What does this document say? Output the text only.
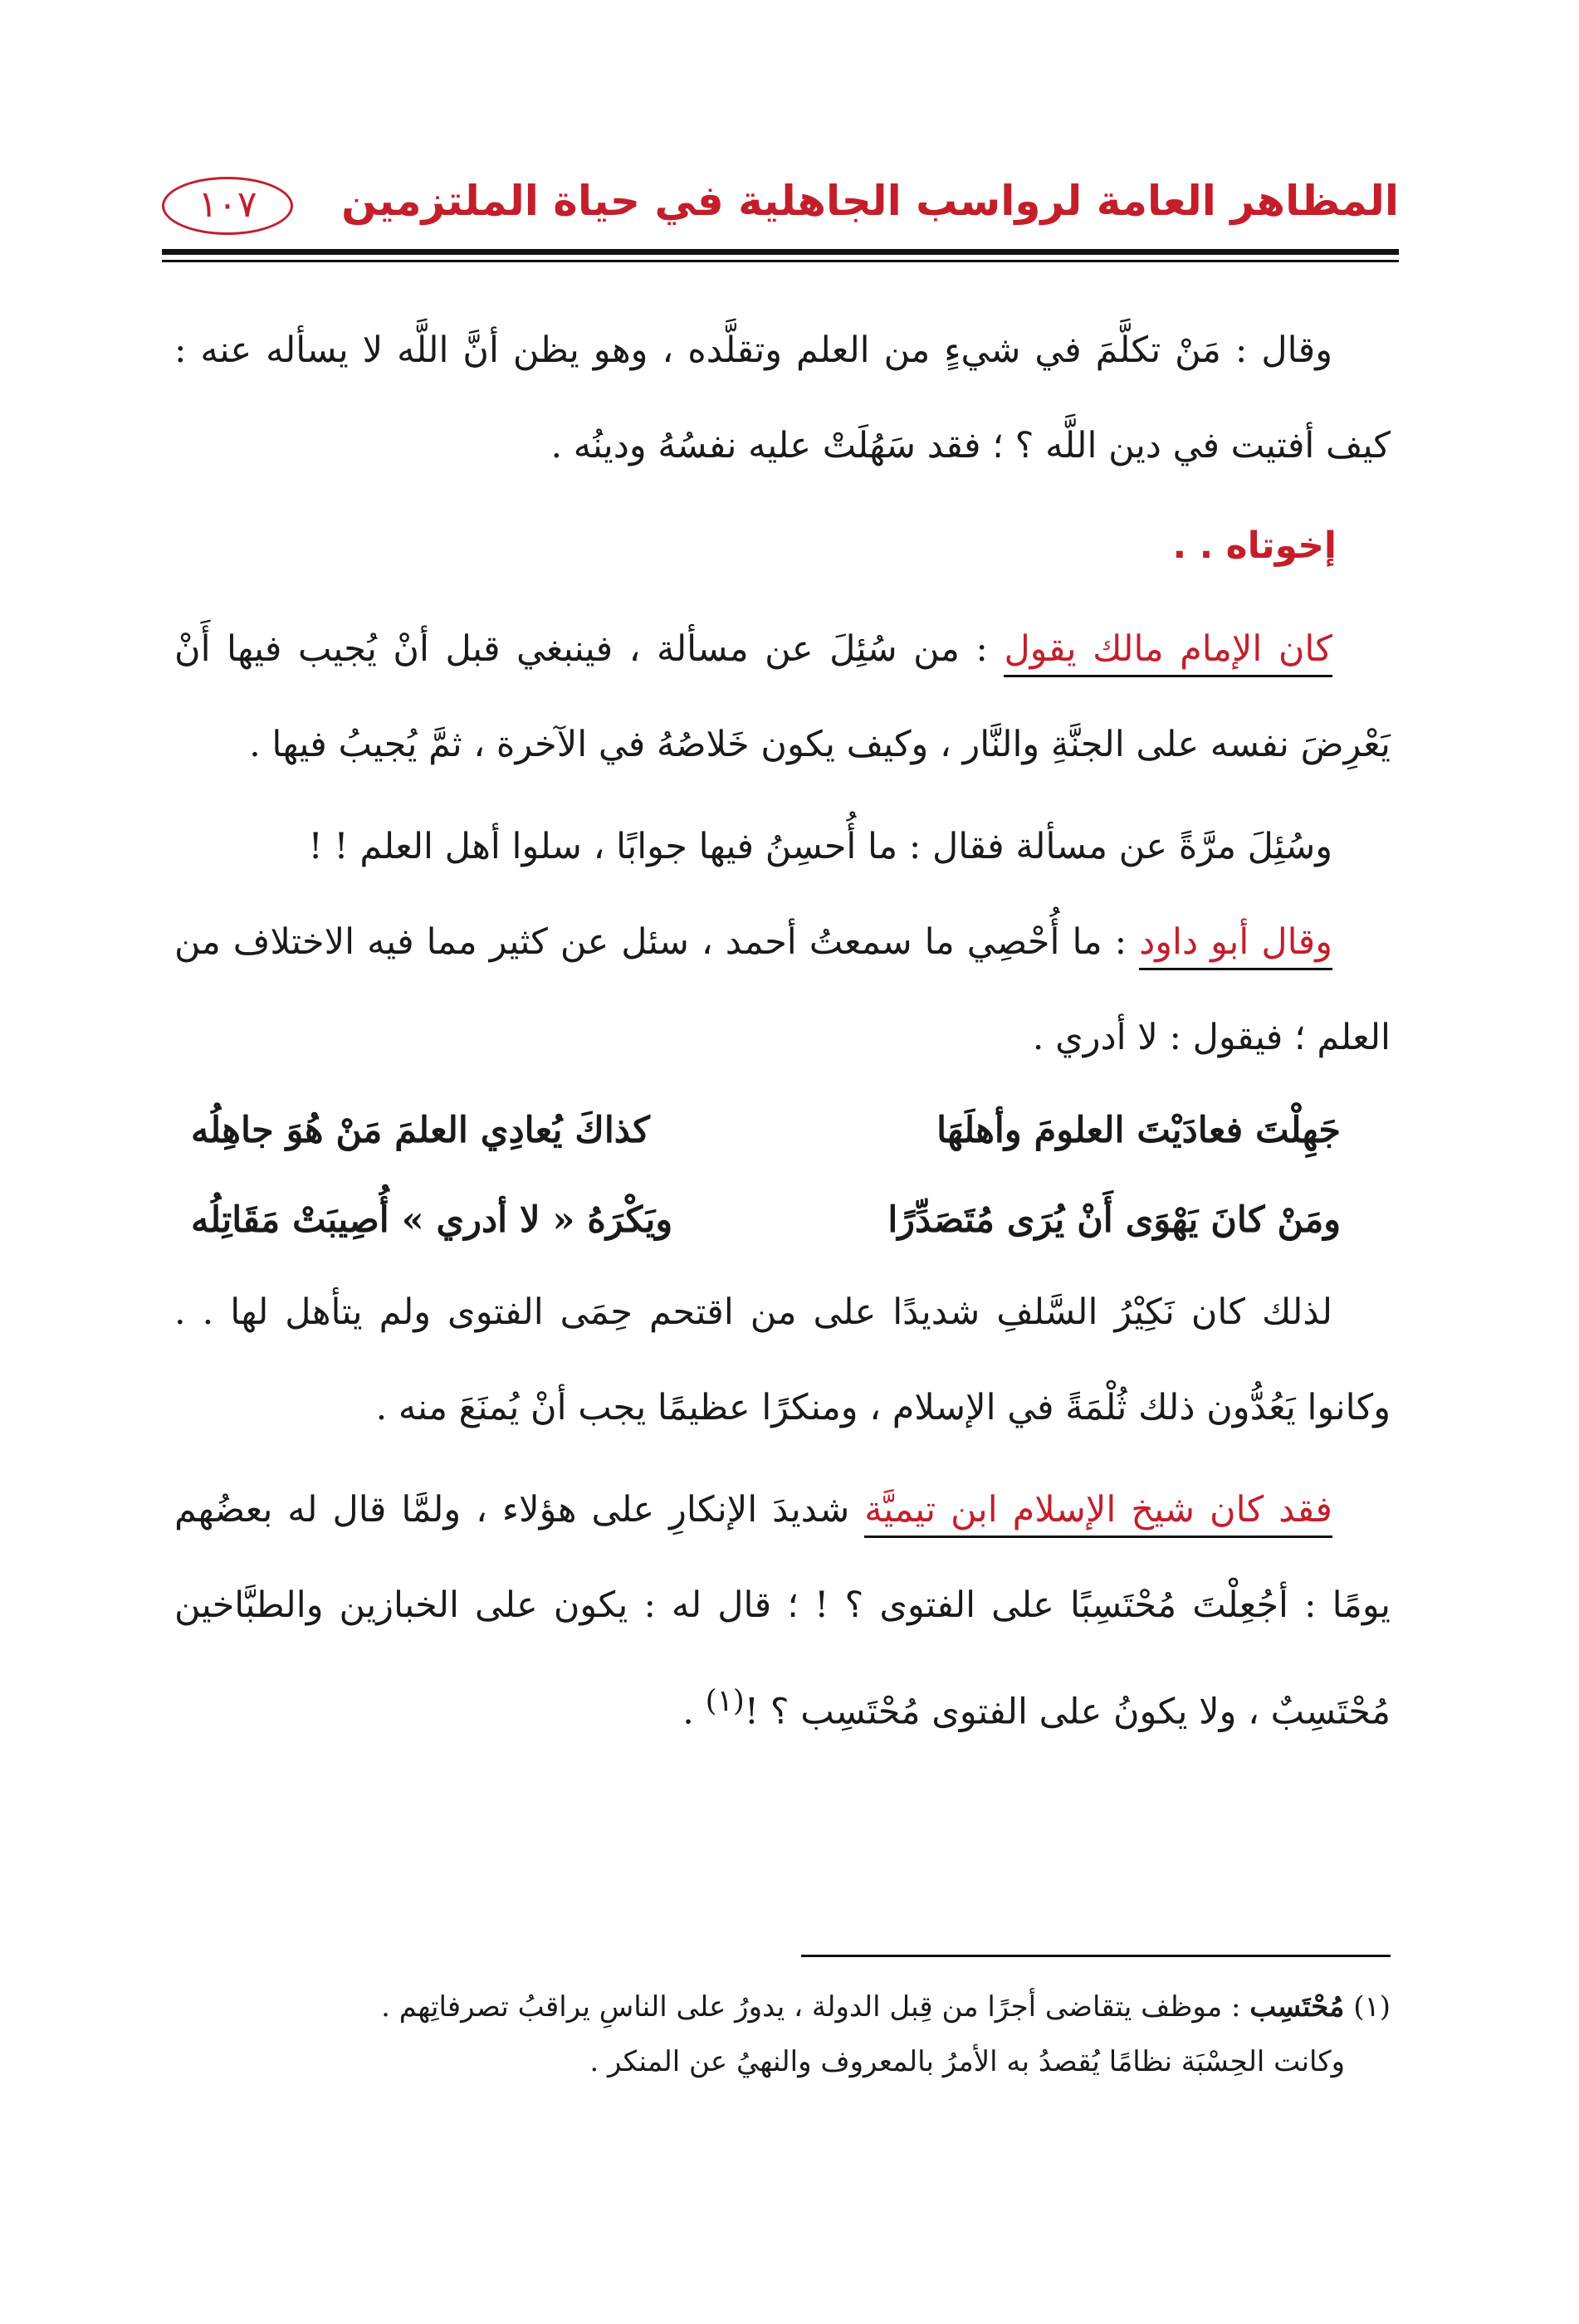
المظاهر العامة لرواسب الجاهلية في حياة الملتزمين
١٠٧

وقال : مَنْ تكلَّمَ في شيءٍ من العلم وتقلَّده ، وهو يظن أنَّ اللَّه لا يسأله عنه : كيف أفتيت في دين اللَّه ؟ ؛ فقد سَهُلَتْ عليه نفسُهُ ودينُه .

إخوتاه . .

كان الإمام مالك يقول : من سُئِلَ عن مسألة ، فينبغي قبل أنْ يُجيب فيها أَنْ يَعْرِضَ نفسه على الجنَّةِ والنَّار ، وكيف يكون خَلاصُهُ في الآخرة ، ثمَّ يُجيبُ فيها .

وسُئِلَ مرَّةً عن مسألة فقال : ما أُحسِنُ فيها جوابًا ، سلوا أهل العلم ! !

وقال أبو داود : ما أُحْصِي ما سمعتُ أحمد ، سئل عن كثير مما فيه الاختلاف من العلم ؛ فيقول : لا أدري .

جَهِلْتَ فعادَيْتَ العلومَ وأهلَهَا
كذاكَ يُعادِي العلمَ مَنْ هُوَ جاهِلُه
ومَنْ كانَ يَهْوَى أَنْ يُرَى مُتَصَدِّرًا
ويَكْرَهُ « لا أدري » أُصِيبَتْ مَقَاتِلُه

لذلك كان نَكِيْرُ السَّلفِ شديدًا على من اقتحم حِمَى الفتوى ولم يتأهل لها . . وكانوا يَعُدُّون ذلك ثُلْمَةً في الإسلام ، ومنكرًا عظيمًا يجب أنْ يُمنَعَ منه .

فقد كان شيخ الإسلام ابن تيميَّة شديدَ الإنكارِ على هؤلاء ، ولمَّا قال له بعضُهم يومًا : أجُعِلْتَ مُحْتَسِبًا على الفتوى ؟ ! ؛ قال له : يكون على الخبازين والطبَّاخين مُحْتَسِبٌ ، ولا يكونُ على الفتوى مُحْتَسِب ؟ !$^{(١)}$ .

(١) مُحْتَسِب : موظف يتقاضى أجرًا من قِبل الدولة ، يدورُ على الناسِ يراقبُ تصرفاتِهم .

وكانت الحِسْبَة نظامًا يُقصدُ به الأمرُ بالمعروف والنهيُ عن المنكر .
